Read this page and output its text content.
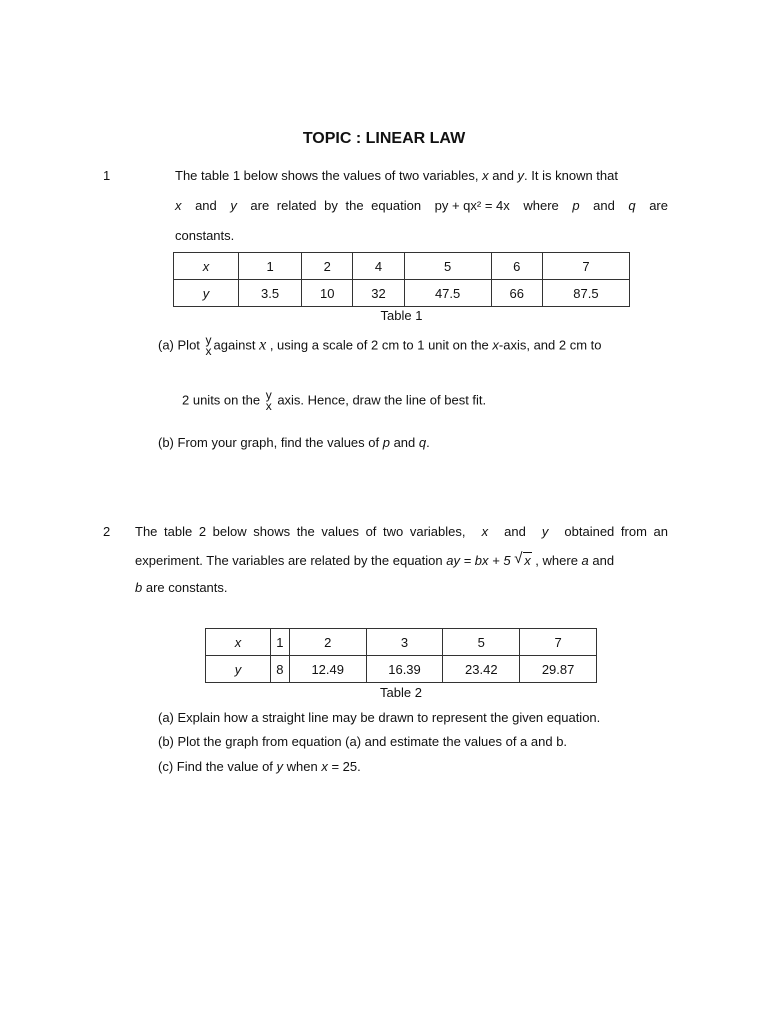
TOPIC : LINEAR LAW
1	The table 1 below shows the values of two variables, x and y. It is known that
x and y are related by the equation py + qx² = 4x where p and q are
constants.
x	1	2	4	5	6	7
y	3.5	10	32	47.5	66	87.5
Table 1
(a) Plot y
x against x , using a scale of 2 cm to 1 unit on the x-axis, and 2 cm to
2 units on the y
x axis. Hence, draw the line of best fit.
(b) From your graph, find the values of p and q.
2 The table 2 below shows the values of two variables, x and y obtained from an
experiment. The variables are related by the equation ay = bx + 5 √ x , where a and
b are constants.
x	1	2	3	5	7
y	8	12.49	16.39	23.42	29.87
Table 2
(a) Explain how a straight line may be drawn to represent the given equation.
(b) Plot the graph from equation (a) and estimate the values of a and b.
(c) Find the value of y when x = 25.
